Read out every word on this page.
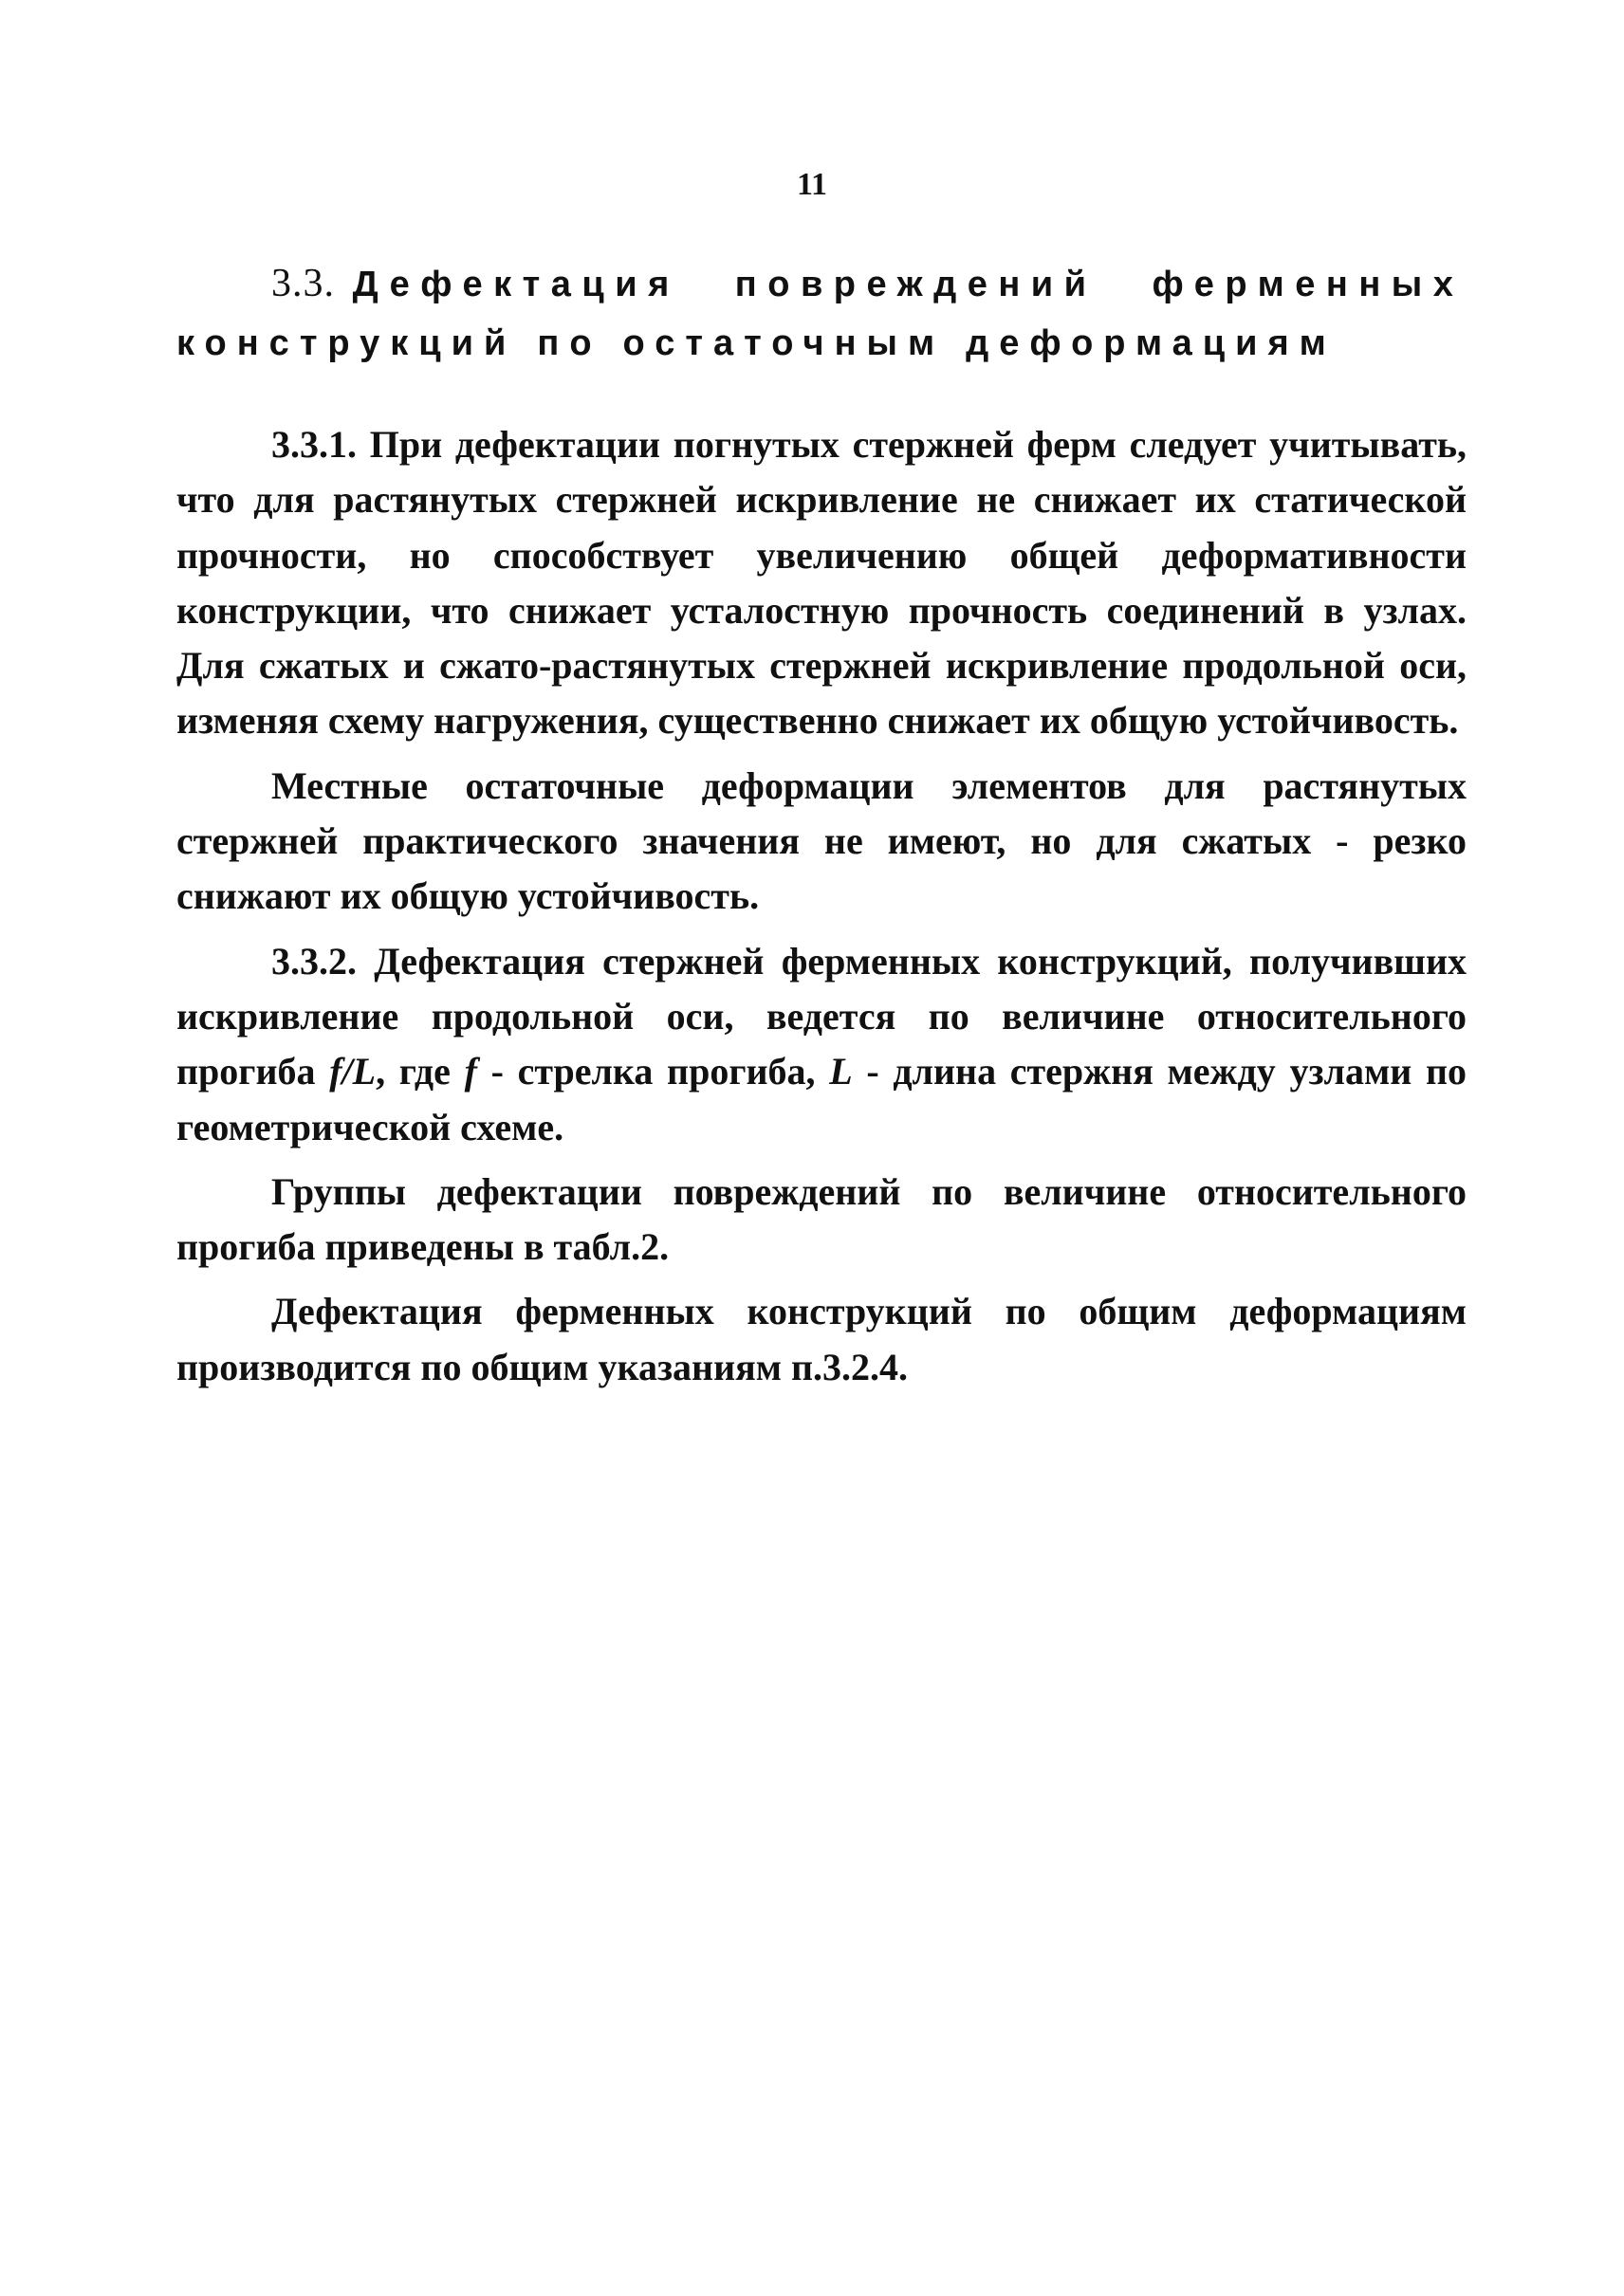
11
3.3. Дефектация повреждений ферменных
конструкций по остаточным деформациям

3.3.1. При дефектации погнутых стержней ферм следует учитывать, что для растянутых стержней искривление не снижает их статической прочности, но способствует увеличению общей деформативности конструкции, что снижает усталостную прочность соединений в узлах. Для сжатых и сжато-растянутых стержней искривление продольной оси, изменяя схему нагружения, существенно снижает их общую устойчивость.

Местные остаточные деформации элементов для растянутых стержней практического значения не имеют, но для сжатых - резко снижают их общую устойчивость.

3.3.2. Дефектация стержней ферменных конструкций, получивших искривление продольной оси, ведется по величине относительного прогиба f/L, где f - стрелка прогиба, L - длина стержня между узлами по геометрической схеме.

Группы дефектации повреждений по величине относительного прогиба приведены в табл.2.

Дефектация ферменных конструкций по общим деформациям производится по общим указаниям п.3.2.4.
